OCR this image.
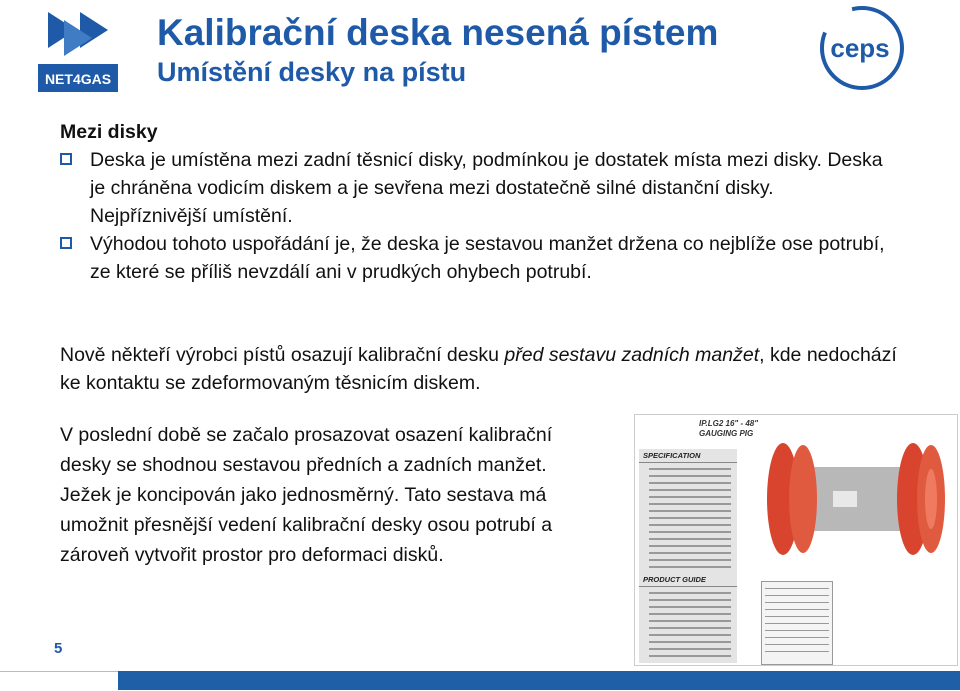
NET4GAS
Kalibrační deska nesená pístem
Umístění desky na pístu
ceps
Mezi disky
Deska je umístěna mezi zadní těsnicí disky, podmínkou je dostatek místa mezi disky. Deska je chráněna vodicím diskem a je sevřena mezi dostatečně silné distanční disky. Nejpříznivější umístění.
Výhodou tohoto uspořádání je, že deska je sestavou manžet držena co nejblíže ose potrubí, ze které se příliš nevzdálí ani v prudkých ohybech potrubí.
Nově někteří výrobci pístů osazují kalibrační desku před sestavu zadních manžet, kde nedochází ke kontaktu se zdeformovaným těsnicím diskem.
V poslední době se začalo prosazovat osazení kalibrační desky se shodnou sestavou předních a zadních manžet. Ježek je koncipován jako jednosměrný. Tato sestava má umožnit přesnější vedení kalibrační desky osou potrubí a zároveň vytvořit prostor pro deformaci disků.
IP.LG2 16" - 48"
GAUGING PIG
SPECIFICATION
PRODUCT GUIDE
5
